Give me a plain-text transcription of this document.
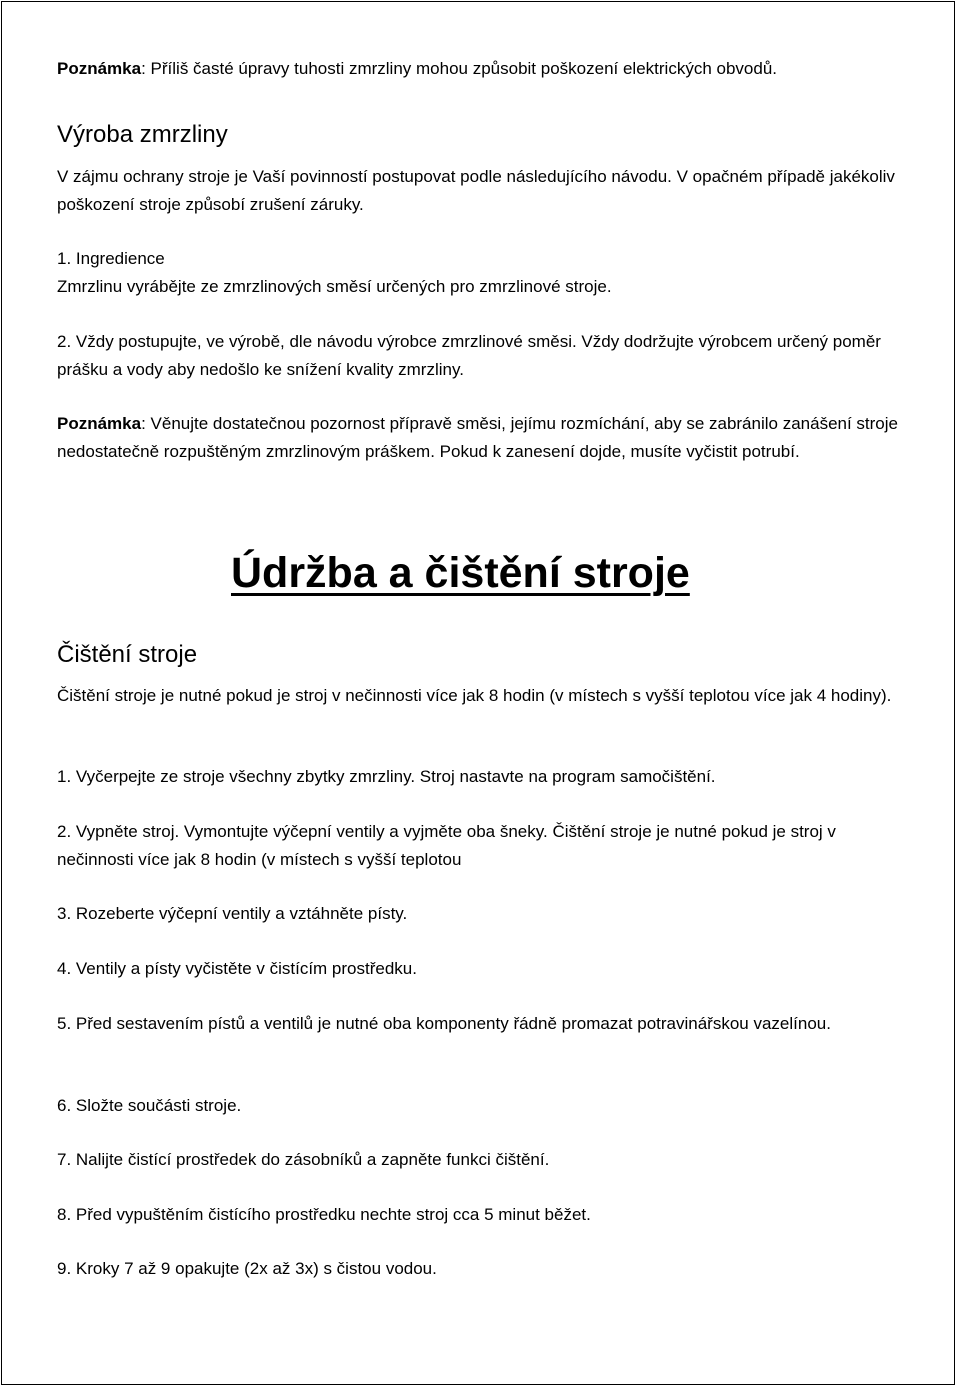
Poznámka: Příliš časté úpravy tuhosti zmrzliny mohou způsobit poškození elektrických obvodů.

Výroba zmrzliny

V zájmu ochrany stroje je Vaší povinností postupovat podle následujícího návodu. V opačném případě jakékoliv poškození stroje způsobí zrušení záruky.

1. Ingredience

Zmrzlinu vyrábějte ze zmrzlinových směsí určených pro zmrzlinové stroje.

2. Vždy postupujte, ve výrobě, dle návodu výrobce zmrzlinové směsi. Vždy dodržujte výrobcem určený poměr prášku a vody aby nedošlo ke snížení kvality zmrzliny.

Poznámka: Věnujte dostatečnou pozornost přípravě směsi, jejímu rozmíchání, aby se zabránilo zanášení stroje nedostatečně rozpuštěným zmrzlinovým práškem. Pokud k zanesení dojde, musíte vyčistit potrubí.

Údržba a čištění stroje
Čištění stroje

Čištění stroje je nutné pokud je stroj v nečinnosti více jak 8 hodin (v místech s vyšší teplotou více jak 4 hodiny).

1. Vyčerpejte ze stroje všechny zbytky zmrzliny. Stroj nastavte na program samočištění.

2. Vypněte stroj. Vymontujte výčepní ventily a vyjměte oba šneky. Čištění stroje je nutné pokud je stroj v nečinnosti více jak 8 hodin (v místech s vyšší teplotou

3. Rozeberte výčepní ventily a vztáhněte písty.

4. Ventily a písty vyčistěte v čistícím prostředku.

5. Před sestavením pístů a ventilů je nutné oba komponenty řádně promazat potravinářskou vazelínou.

6. Složte součásti stroje.

7. Nalijte čistící prostředek do zásobníků a zapněte funkci čištění.

8. Před vypuštěním čistícího prostředku nechte stroj cca 5 minut běžet.

9. Kroky 7 až 9 opakujte (2x až 3x) s čistou vodou.
